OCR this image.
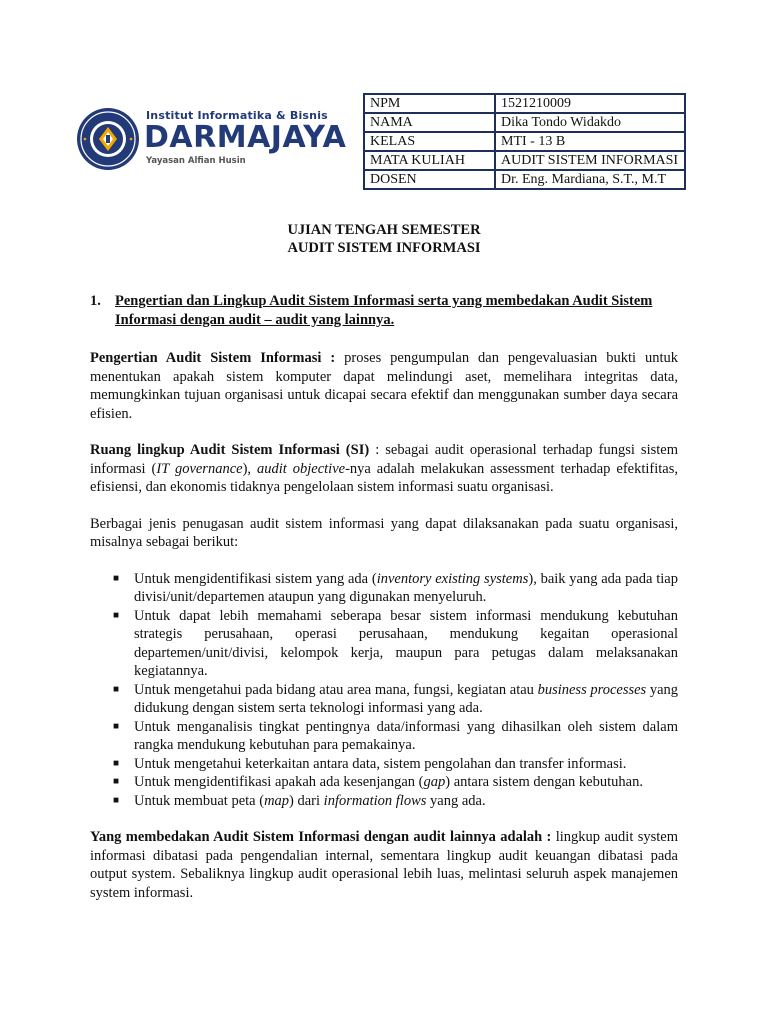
Institut Informatika & Bisnis
DARMAJAYA
Yayasan Alfian Husin
NPM	1521210009
NAMA	Dika Tondo Widakdo
KELAS	MTI - 13 B
MATA KULIAH	AUDIT SISTEM INFORMASI
DOSEN	Dr. Eng. Mardiana, S.T., M.T
UJIAN TENGAH SEMESTER
AUDIT SISTEM INFORMASI
1. Pengertian dan Lingkup Audit Sistem Informasi serta yang membedakan Audit Sistem Informasi dengan audit – audit yang lainnya.

Pengertian Audit Sistem Informasi : proses pengumpulan dan pengevaluasian bukti untuk menentukan apakah sistem komputer dapat melindungi aset, memelihara integritas data, memungkinkan tujuan organisasi untuk dicapai secara efektif dan menggunakan sumber daya secara efisien.

Ruang lingkup Audit Sistem Informasi (SI) : sebagai audit operasional terhadap fungsi sistem informasi (IT governance), audit objective-nya adalah melakukan assessment terhadap efektifitas, efisiensi, dan ekonomis tidaknya pengelolaan sistem informasi suatu organisasi.

Berbagai jenis penugasan audit sistem informasi yang dapat dilaksanakan pada suatu organisasi, misalnya sebagai berikut:

■ Untuk mengidentifikasi sistem yang ada (inventory existing systems), baik yang ada pada tiap divisi/unit/departemen ataupun yang digunakan menyeluruh.
■ Untuk dapat lebih memahami seberapa besar sistem informasi mendukung kebutuhan strategis perusahaan, operasi perusahaan, mendukung kegaitan operasional departemen/unit/divisi, kelompok kerja, maupun para petugas dalam melaksanakan kegiatannya.
■ Untuk mengetahui pada bidang atau area mana, fungsi, kegiatan atau business processes yang didukung dengan sistem serta teknologi informasi yang ada.
■ Untuk menganalisis tingkat pentingnya data/informasi yang dihasilkan oleh sistem dalam rangka mendukung kebutuhan para pemakainya.
■ Untuk mengetahui keterkaitan antara data, sistem pengolahan dan transfer informasi.
■ Untuk mengidentifikasi apakah ada kesenjangan (gap) antara sistem dengan kebutuhan.
■ Untuk membuat peta (map) dari information flows yang ada.

Yang membedakan Audit Sistem Informasi dengan audit lainnya adalah : lingkup audit system informasi dibatasi pada pengendalian internal, sementara lingkup audit keuangan dibatasi pada output system. Sebaliknya lingkup audit operasional lebih luas, melintasi seluruh aspek manajemen system informasi.
